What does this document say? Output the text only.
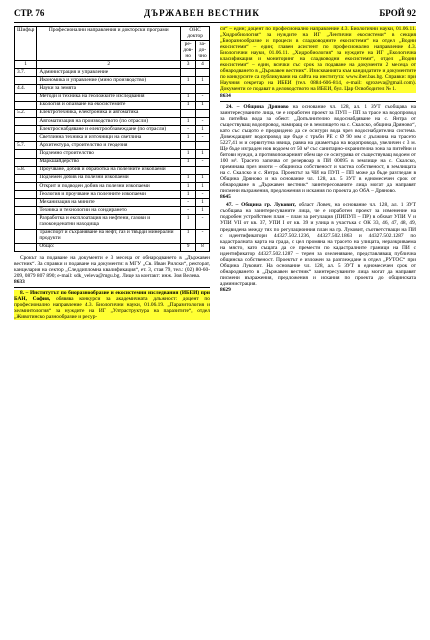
СТР. 76	ДЪРЖАВЕН ВЕСТНИК	БРОЙ 92
Шифър	Професионални направления и докторски програми	ОНС доктор	
		ре-дов-но	за-до-чно
1	2	3	4
3.7.	Администрация и управление		
	Икономика и управление (мино производство)	1	1
4.4.	Науки за земята		
	Методи и техника на геоложките изследвания	1	-
	Екология и опазване на екосистемите	1	1
5.2.	Електротехника, електроника и автоматика		
	Автоматизация на производството (по отрасли)	1	-
	Електроснабдяване и електрообзавеждане (по отрасли)	-	1
	Светлинна техника и източници на светлина	1	-
5.7.	Архитектура, строителство и геодезия		
	Подземно строителство	1	1
	Маркшайдерство	1	-
5.8.	Проучване, добив и обработка на полезните изкопаеми		
	Подземен добив на полезни изкопаеми	1	1
	Открит и подводен добив на полезни изкопаеми	1	1
	Геология и проучване на полезните изкопаеми	1	-
	Механизация на мините	-	1
	Техника и технологии на сондирането	-	1
	Разработка и експлоатация на нефтени, газови и газоконденатни находища	1	-
	Транспорт и съхраняване на нефт, газ и твърди минерални продукти	1	-
	Общо:	9	8

Срокът за подаване на документи е 3 месеца от обнародването в „Държавен вестник“. За справки и подаване на документи: в МГУ „Св. Иван Рилски“, ректорат, канцелария на сектор „Следдипломна квалификация“, ет. 3, стая 79, тел.: (02) 80-60-209, 0879 807 890; e-mail: sdk_veleva@mgu.bg. Лице за контакт: инж. Зоя Велева.

8633

8. – Институтът по биоразнообразие и екосистемни изследвания (ИБЕИ) при БАН, София, обявява конкурси за академичната длъжност: доцент по професионално направление 4.3. Биологични науки, 01.06.19. „Паразитология и хелминтология“ за нуждите на ИГ „Ултраструктура на паразитите“, отдел „Животинско разнообразие и ресур-

си“ – един; доцент по професионално направление 4.3. Биологични науки, 01.06.11. „Хидробиология“ за нуждите на ИГ „Лентични екосистеми“ в секция „Биоразнообразие и процеси в сладководните екосистеми“ на отдел „Водни екосистеми“ – един; главен асистент по професионално направление 4.3. Биологични науки, 01.06.11. „Хидробиология“ за нуждите на ИГ „Екологична класификация и мониторинг на сладководни екосистеми“, отдел „Водни екосистеми“ – един, всички със срок за подаване на документи 2 месеца от обнародването в „Държавен вестник“. Изискванията към кандидатите и документите по конкурсите са публикувани на сайта на института: www.iber.bas.bg. Справки: при Научния секретар на ИБЕИ (тел. 0884-606-814, e-mail: sgrozeva@gmail.com). Документи се подават в деловодството на ИБЕИ, бул. Цар Освободител № 1.

8634

24. – Община Дряново на основание чл. 128, ал. 1 ЗУТ съобщава на заинтересуваните лица, че е изработен проект за ПУП – ПП за трасе на водопровод за питейна вода за обект: „Допълнително водоснабдяване на с. Янтра от съществуващ водопровод, намиращ се в землището на с. Скалско, община Дряново“, като със същото е предвидено да се осигури вода чрез водоснабдителна система. Довеждащият водопровод ще бъде с тръби PE с Ø 90 мм с дължина на трасето 5227,41 м и сервитутна ивица, равна на диаметъра на водопровода, увеличен с 3 м. Ще бъде изграден нов водоем от 50 м³ със санитарно-охранителна зона за питейни и битови нужди, а противопожарният обем ще се осигурява от съществуващ водоем от 100 м³. Трасето започва от резервоар в ПИ 00095 в землище на с. Скалско, преминава през имоти – общинска собственост и частна собственост, в землищата на с. Скалско и с. Янтра. Проектът за ЧИ на ПУП – ПП може да бъде разгледан в Община Дряново и на основание чл. 128, ал. 5 ЗУТ в едномесечен срок от обнародване в „Държавен вестник“ заинтересованите лица могат да направят писмени възражения, предложения и искания по проекта до ОбА – Дряново.

8645

47. – Община гр. Луковит, област Ловеч, на основание чл. 128, ал. 1 ЗУТ съобщава на заинтересуваните лица, че е изработен проект за изменение на подробен устройствен план – план за регулация (ПИПУП – ПР) в обхват УПИ V и УПИ VII от кв. 37, УПИ I от кв. 39 и улица в участъка с ОК 33, 46, 47, 48, 49, предвидена между тях по регулационния план на гр. Луковит, съответстващи на ПИ с идентификатори 44327.502.1236, 44327.502.1863 и 44327.502.1287 по кадастралната карта на града, с цел промяна на трасето на улицата, неразкриваема на място, като същата да се премести по кадастралните граници на ПИ с идентификатор 44327.502.1287 – терен за озеленяване, представляващ публична общинска собственост. Проектът е изложен за разглеждане в отдел „РУТОС“ при Община Луковит. На основание чл. 128, ал. 5 ЗУТ в едномесечен срок от обнародването в „Държавен вестник“ заинтересуваните лица могат да направят писмени възражения, предложения и искания по проекта до общинската администрация.

8629
